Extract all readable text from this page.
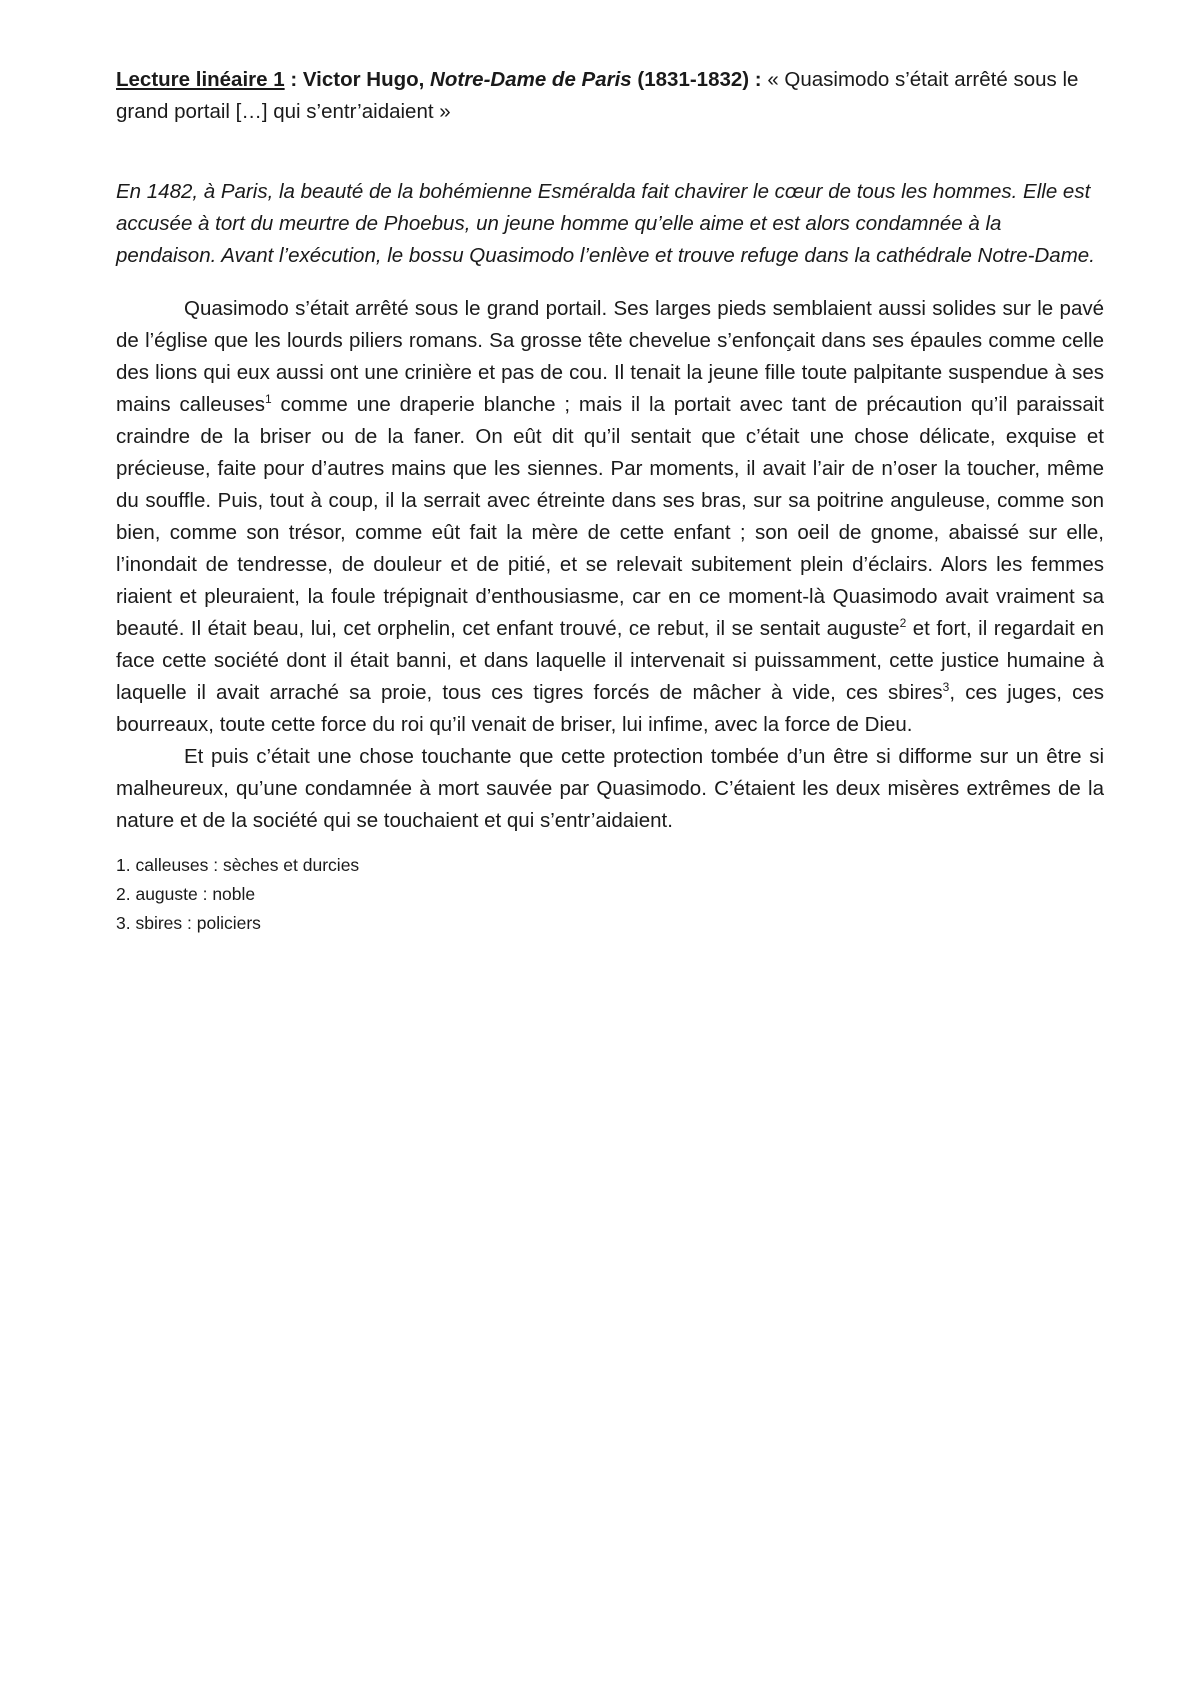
Lecture linéaire 1 : Victor Hugo, Notre-Dame de Paris (1831-1832) : « Quasimodo s’était arrêté sous le grand portail […] qui s’entr’aidaient »

En 1482, à Paris, la beauté de la bohémienne Esméralda fait chavirer le cœur de tous les hommes. Elle est accusée à tort du meurtre de Phoebus, un jeune homme qu’elle aime et est alors condamnée à la pendaison. Avant l’exécution, le bossu Quasimodo l’enlève et trouve refuge dans la cathédrale Notre-Dame.

Quasimodo s’était arrêté sous le grand portail. Ses larges pieds semblaient aussi solides sur le pavé de l’église que les lourds piliers romans. Sa grosse tête chevelue s’enfonçait dans ses épaules comme celle des lions qui eux aussi ont une crinière et pas de cou. Il tenait la jeune fille toute palpitante suspendue à ses mains calleuses$^1$ comme une draperie blanche ; mais il la portait avec tant de précaution qu’il paraissait craindre de la briser ou de la faner. On eût dit qu’il sentait que c’était une chose délicate, exquise et précieuse, faite pour d’autres mains que les siennes. Par moments, il avait l’air de n’oser la toucher, même du souffle. Puis, tout à coup, il la serrait avec étreinte dans ses bras, sur sa poitrine anguleuse, comme son bien, comme son trésor, comme eût fait la mère de cette enfant ; son oeil de gnome, abaissé sur elle, l’inondait de tendresse, de douleur et de pitié, et se relevait subitement plein d’éclairs. Alors les femmes riaient et pleuraient, la foule trépignait d’enthousiasme, car en ce moment-là Quasimodo avait vraiment sa beauté. Il était beau, lui, cet orphelin, cet enfant trouvé, ce rebut, il se sentait auguste$^2$ et fort, il regardait en face cette société dont il était banni, et dans laquelle il intervenait si puissamment, cette justice humaine à laquelle il avait arraché sa proie, tous ces tigres forcés de mâcher à vide, ces sbires$^3$, ces juges, ces bourreaux, toute cette force du roi qu’il venait de briser, lui infime, avec la force de Dieu.

Et puis c’était une chose touchante que cette protection tombée d’un être si difforme sur un être si malheureux, qu’une condamnée à mort sauvée par Quasimodo. C’étaient les deux misères extrêmes de la nature et de la société qui se touchaient et qui s’entr’aidaient.

1. calleuses : sèches et durcies
2. auguste : noble
3. sbires : policiers
